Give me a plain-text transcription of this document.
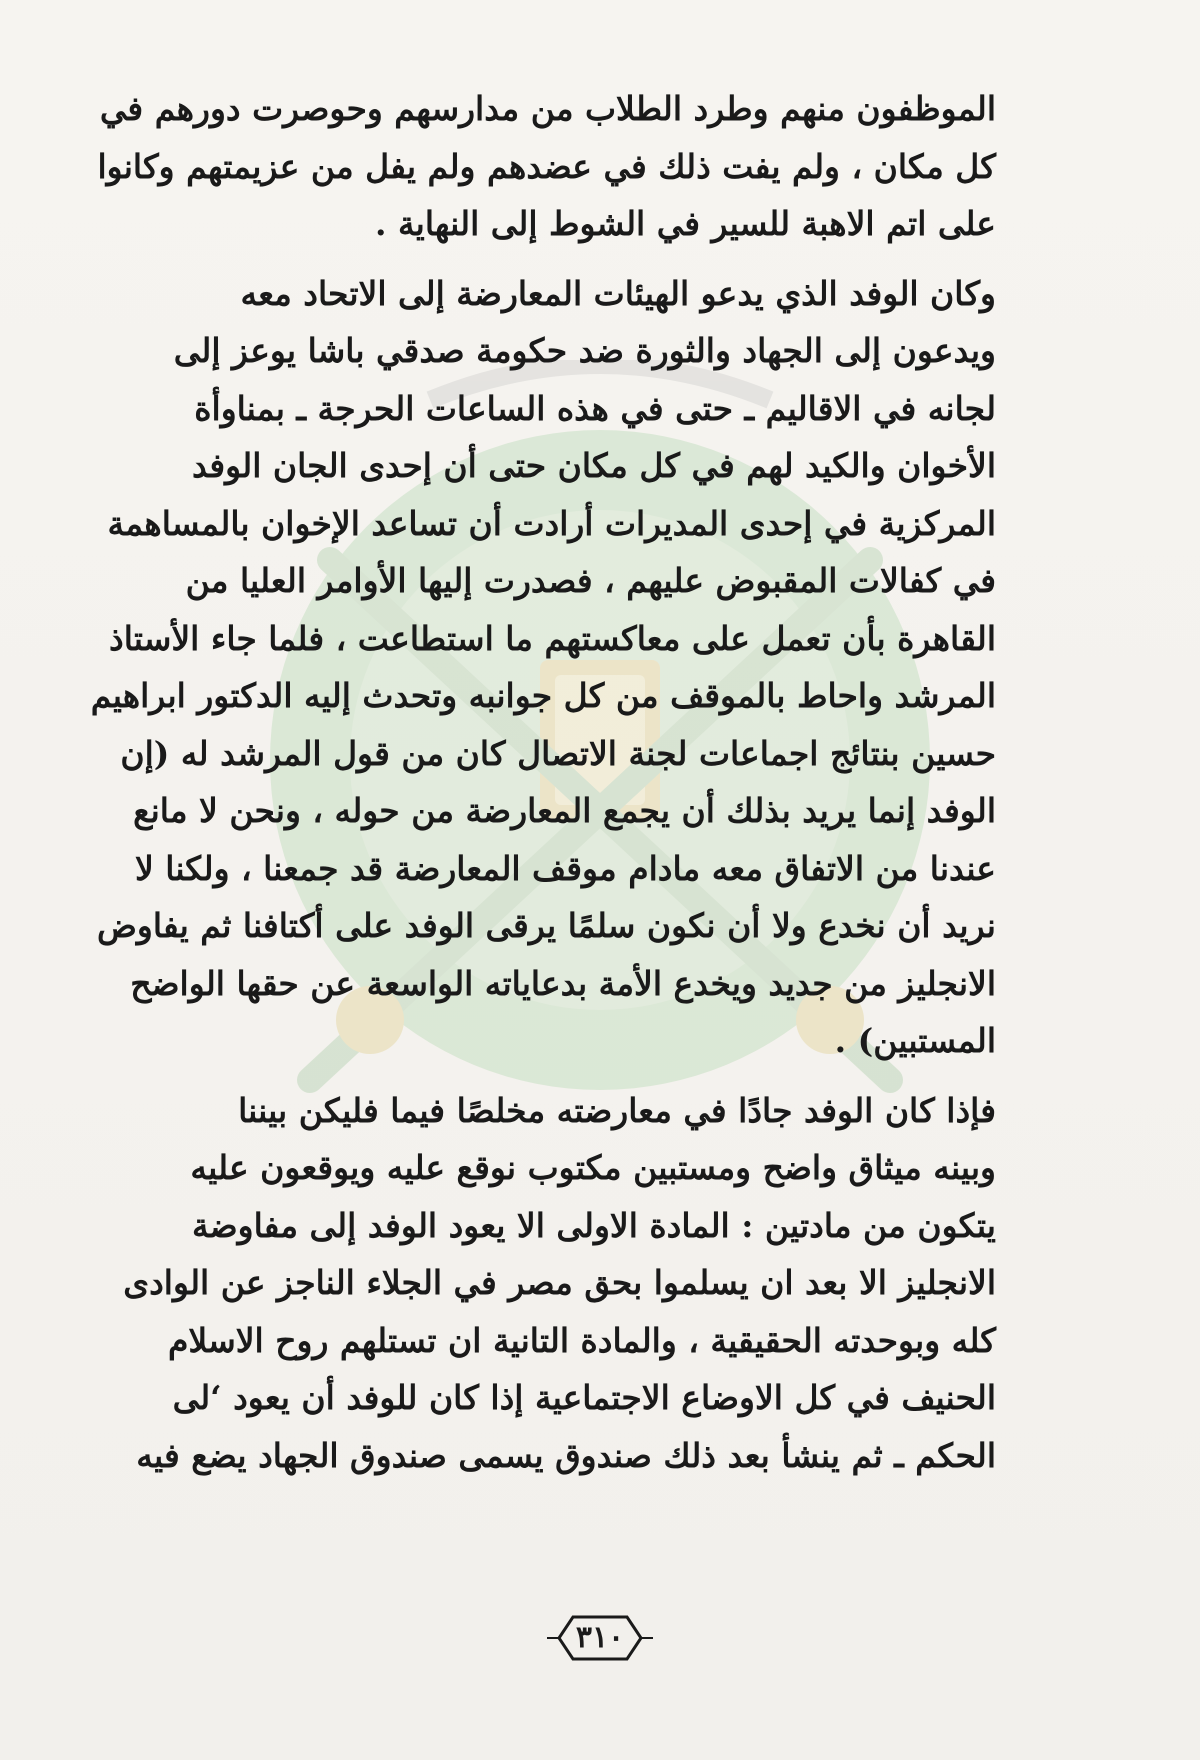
الموظفون منهم وطرد الطلاب من مدارسهم وحوصرت دورهم في
كل مكان ، ولم يفت ذلك في عضدهم ولم يفل من عزيمتهم وكانوا
على اتم الاهبة للسير في الشوط إلى النهاية .
وكان الوفد الذي يدعو الهيئات المعارضة إلى الاتحاد معه
ويدعون إلى الجهاد والثورة ضد حكومة صدقي باشا يوعز إلى
لجانه في الاقاليم ـ حتى في هذه الساعات الحرجة ـ بمناوأة
الأخوان والكيد لهم في كل مكان حتى أن إحدى الجان الوفد
المركزية في إحدى المديرات أرادت أن تساعد الإخوان بالمساهمة
في كفالات المقبوض عليهم ، فصدرت إليها الأوامر العليا من
القاهرة بأن تعمل على معاكستهم ما استطاعت ، فلما جاء الأستاذ
المرشد واحاط بالموقف من كل جوانبه وتحدث إليه الدكتور ابراهيم
حسين بنتائج اجماعات لجنة الاتصال كان من قول المرشد له (إن
الوفد إنما يريد بذلك أن يجمع المعارضة من حوله ، ونحن لا مانع
عندنا من الاتفاق معه مادام موقف المعارضة قد جمعنا ، ولكنا لا
نريد أن نخدع ولا أن نكون سلمًا يرقى الوفد على أكتافنا ثم يفاوض
الانجليز من جديد ويخدع الأمة بدعاياته الواسعة عن حقها الواضح
المستبين) .
فإذا كان الوفد جادًا في معارضته مخلصًا فيما فليكن بيننا
وبينه ميثاق واضح ومستبين مكتوب نوقع عليه ويوقعون عليه
يتكون من مادتين : المادة الاولى الا يعود الوفد إلى مفاوضة
الانجليز الا بعد ان يسلموا بحق مصر في الجلاء الناجز عن الوادى
كله وبوحدته الحقيقية ، والمادة التانية ان تستلهم روح الاسلام
الحنيف في كل الاوضاع الاجتماعية إذا كان للوفد أن يعود ‘لى
الحكم ـ ثم ينشأ بعد ذلك صندوق يسمى صندوق الجهاد يضع فيه
٣١٠
